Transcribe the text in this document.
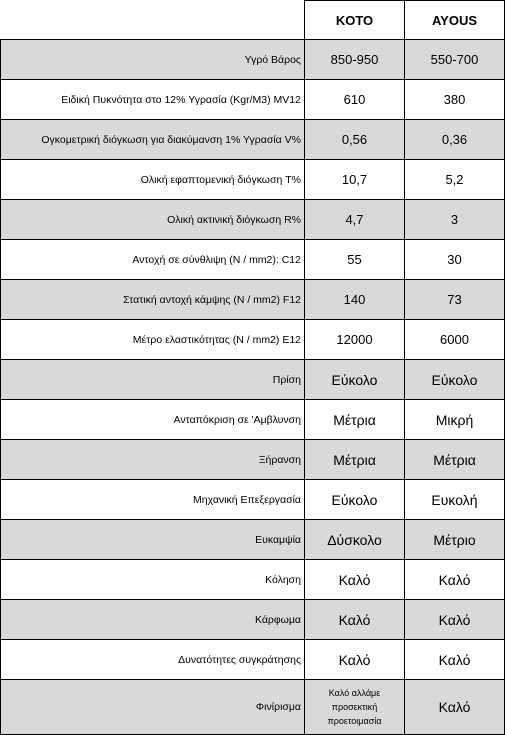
	KOTO	AYOUS
Υγρό Βάρος	850-950	550-700
Ειδική Πυκνότητα στο 12% Υγρασία (Kgr/M3) MV12	610	380
Ογκομετρική διόγκωση για διακύμανση 1% Υγρασία V%	0,56	0,36
Ολική εφαπτομενική διόγκωση T%	10,7	5,2
Ολική ακτινική διόγκωση R%	4,7	3
Αντοχή σε σύνθλιψη (N / mm2): C12	55	30
Στατική αντοχή κάμψης (N / mm2) F12	140	73
Μέτρο ελαστικότητας (N / mm2) E12	12000	6000
Πρίση	Εύκολο	Εύκολο
Ανταπόκριση σε 'Αμβλυνση	Μέτρια	Μικρή
Ξήρανση	Μέτρια	Μέτρια
Μηχανική Επεξεργασία	Εύκολο	Ευκολή
Ευκαμψία	Δύσκολο	Μέτριο
Κόληση	Καλό	Καλό
Κάρφωμα	Καλό	Καλό
Δυνατότητες συγκράτησης	Καλό	Καλό
Φινίρισμα	Καλό αλλάμε προσεκτική προετοιμασία	Καλό
